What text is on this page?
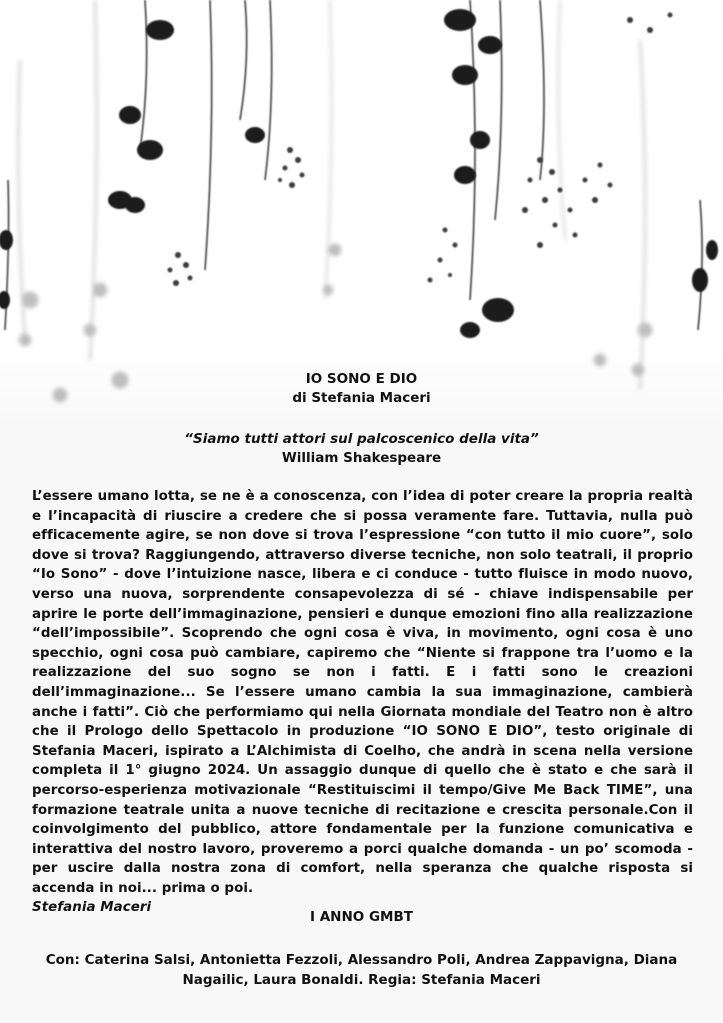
IO SONO E DIO
di Stefania Maceri
“Siamo tutti attori sul palcoscenico della vita”
William Shakespeare
L’essere umano lotta, se ne è a conoscenza, con l’idea di poter creare la propria realtà e l’incapacità di riuscire a credere che si possa veramente fare. Tuttavia, nulla può efficacemente agire, se non dove si trova l’espressione “con tutto il mio cuore”, solo dove si trova? Raggiungendo, attraverso diverse tecniche, non solo teatrali, il proprio “Io Sono” - dove l’intuizione nasce, libera e ci conduce - tutto fluisce in modo nuovo, verso una nuova, sorprendente consapevolezza di sé - chiave indispensabile per aprire le porte dell’immaginazione, pensieri e dunque emozioni fino alla realizzazione “dell’impossibile”. Scoprendo che ogni cosa è viva, in movimento, ogni cosa è uno specchio, ogni cosa può cambiare, capiremo che “Niente si frappone tra l’uomo e la realizzazione del suo sogno se non i fatti. E i fatti sono le creazioni dell’immaginazione... Se l’essere umano cambia la sua immaginazione, cambierà anche i fatti”. Ciò che performiamo qui nella Giornata mondiale del Teatro non è altro che il Prologo dello Spettacolo in produzione “IO SONO E DIO”, testo originale di Stefania Maceri, ispirato a L’Alchimista di Coelho, che andrà in scena nella versione completa il 1° giugno 2024. Un assaggio dunque di quello che è stato e che sarà il percorso-esperienza motivazionale “Restituiscimi il tempo/Give Me Back TIME”, una formazione teatrale unita a nuove tecniche di recitazione e crescita personale.Con il coinvolgimento del pubblico, attore fondamentale per la funzione comunicativa e interattiva del nostro lavoro, proveremo a porci qualche domanda - un po’ scomoda - per uscire dalla nostra zona di comfort, nella speranza che qualche risposta si accenda in noi... prima o poi.
Stefania Maceri
I ANNO GMBT
Con: Caterina Salsi, Antonietta Fezzoli, Alessandro Poli, Andrea Zappavigna, Diana Nagailic, Laura Bonaldi. Regia: Stefania Maceri
